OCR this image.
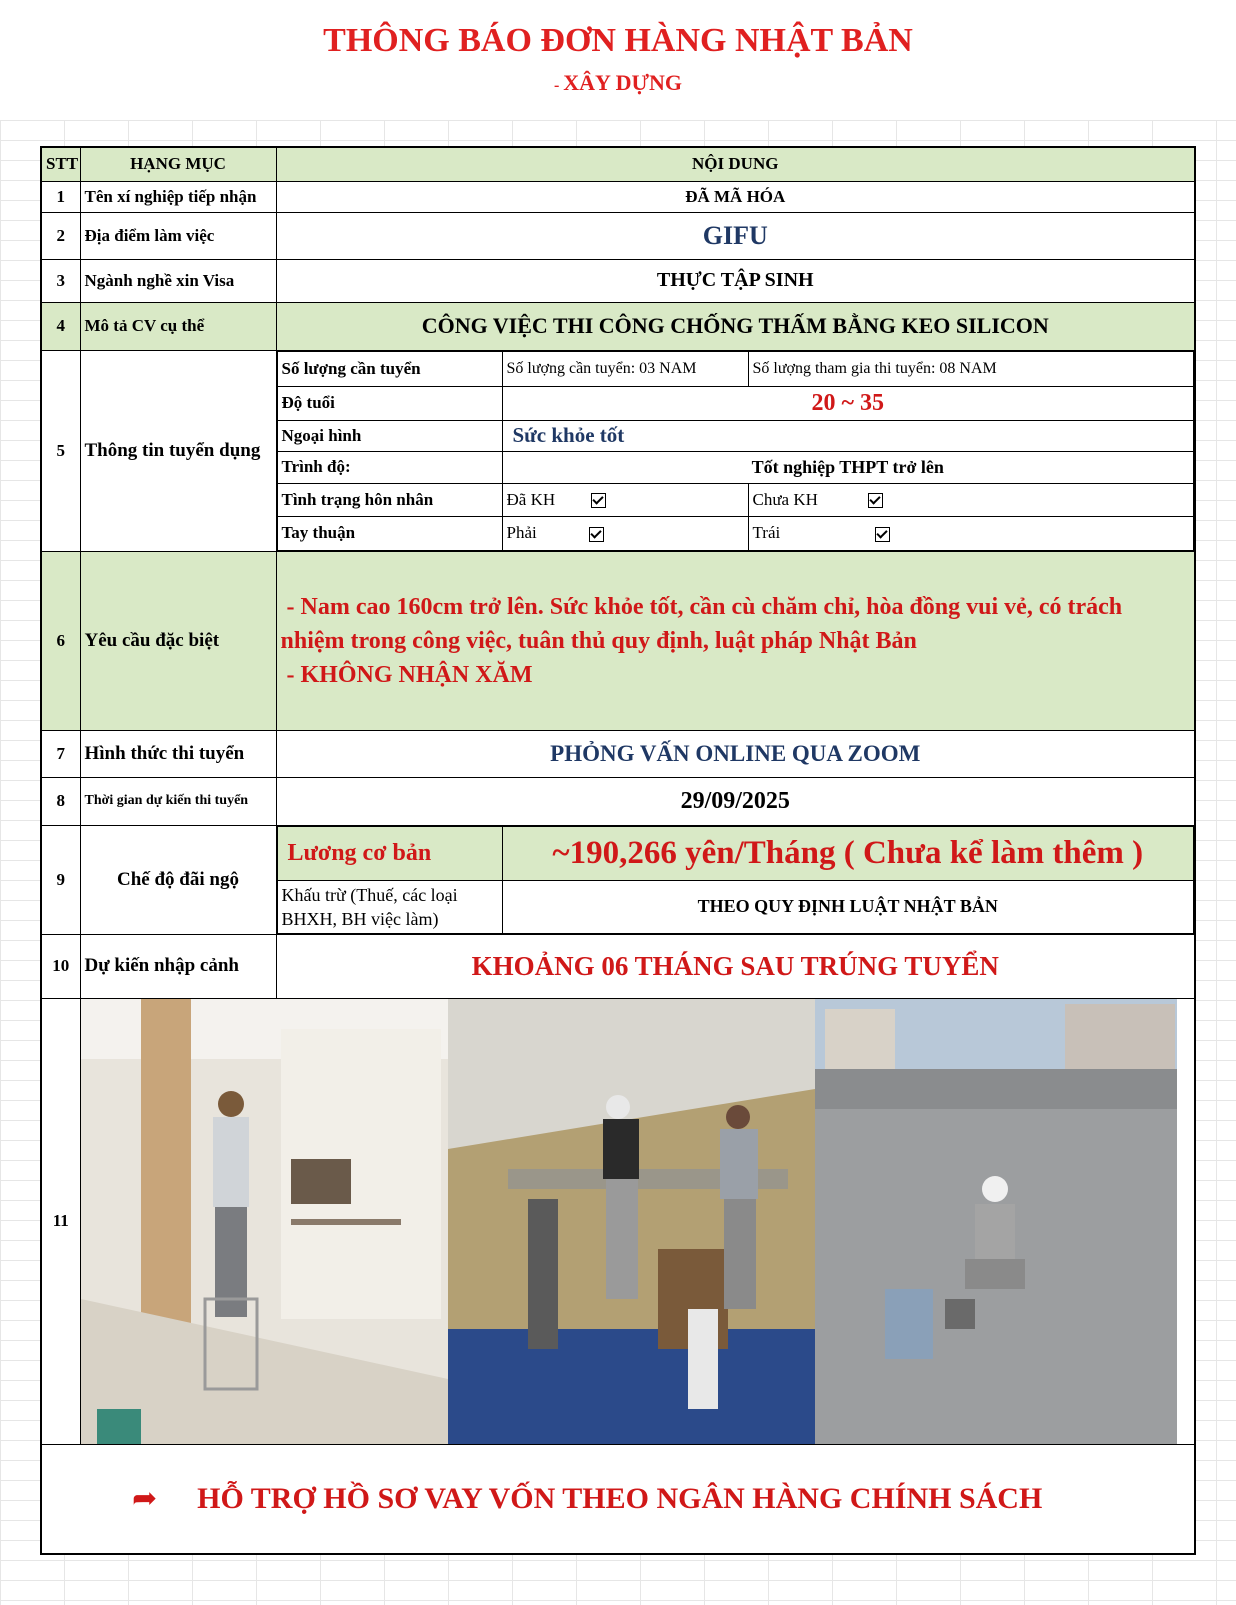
THÔNG BÁO ĐƠN HÀNG NHẬT BẢN
- XÂY DỰNG
STT	HẠNG MỤC	NỘI DUNG
1	Tên xí nghiệp tiếp nhận	ĐÃ MÃ HÓA
2	Địa điểm làm việc	GIFU
3	Ngành nghề xin Visa	THỰC TẬP SINH
4	Mô tả CV cụ thể	CÔNG VIỆC THI CÔNG CHỐNG THẤM BẰNG KEO SILICON
5	Thông tin tuyển dụng	
Số lượng cần tuyển	Số lượng cần tuyển: 03 NAM	Số lượng tham gia thi tuyển: 08 NAM
Độ tuổi	20 ~ 35
Ngoại hình	Sức khỏe tốt
Trình độ:	Tốt nghiệp THPT trở lên
Tình trạng hôn nhân	Đã KH	Chưa KH
Tay thuận	Phải	Trái

6	Yêu cầu đặc biệt	
- Nam cao 160cm trở lên. Sức khỏe tốt, cần cù chăm chỉ, hòa đồng vui vẻ, có trách nhiệm trong công việc, tuân thủ quy định, luật pháp Nhật Bản
- KHÔNG NHẬN XĂM

7	Hình thức thi tuyển	PHỎNG VẤN ONLINE QUA ZOOM
8	Thời gian dự kiến thi tuyển	29/09/2025
9	Chế độ đãi ngộ	
Lương cơ bản	~190,266 yên/Tháng ( Chưa kể làm thêm )
Khấu trừ (Thuế, các loại BHXH, BH việc làm)	THEO QUY ĐỊNH LUẬT NHẬT BẢN

10	Dự kiến nhập cảnh	KHOẢNG 06 THÁNG SAU TRÚNG TUYỂN
11	

➦ HỖ TRỢ HỒ SƠ VAY VỐN THEO NGÂN HÀNG CHÍNH SÁCH
